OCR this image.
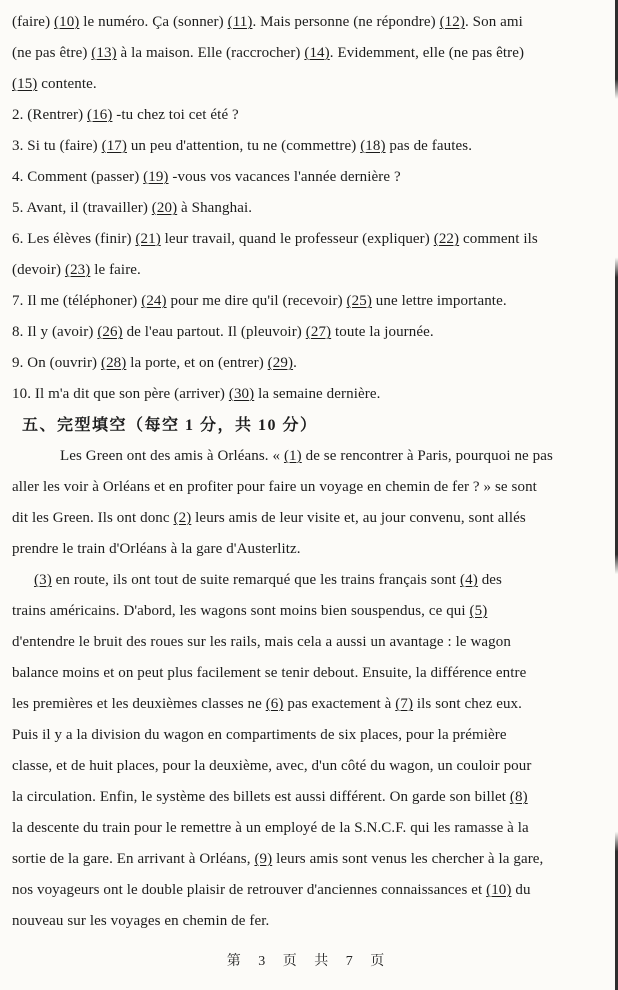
(faire) (10) le numéro. Ça (sonner) (11). Mais personne (ne répondre) (12). Son ami
(ne pas être) (13) à la maison. Elle (raccrocher) (14). Evidemment, elle (ne pas être)
(15) contente.
2. (Rentrer) (16) -tu chez toi cet été ?
3. Si tu (faire) (17) un peu d'attention, tu ne (commettre) (18) pas de fautes.
4. Comment (passer) (19) -vous vos vacances l'année dernière ?
5. Avant, il (travailler) (20) à Shanghai.
6. Les élèves (finir) (21) leur travail, quand le professeur (expliquer) (22) comment ils
(devoir) (23) le faire.
7. Il me (téléphoner) (24) pour me dire qu'il (recevoir) (25) une lettre importante.
8. Il y (avoir) (26) de l'eau partout. Il (pleuvoir) (27) toute la journée.
9. On (ouvrir) (28) la porte, et on (entrer) (29).
10. Il m'a dit que son père (arriver) (30) la semaine dernière.
五、完型填空（每空 1 分，共 10 分）
Les Green ont des amis à Orléans. « (1) de se rencontrer à Paris, pourquoi ne pas
aller les voir à Orléans et en profiter pour faire un voyage en chemin de fer ? » se sont
dit les Green. Ils ont donc (2) leurs amis de leur visite et, au jour convenu, sont allés
prendre le train d'Orléans à la gare d'Austerlitz.
(3) en route, ils ont tout de suite remarqué que les trains français sont (4) des
trains américains. D'abord, les wagons sont moins bien souspendus, ce qui (5)
d'entendre le bruit des roues sur les rails, mais cela a aussi un avantage : le wagon
balance moins et on peut plus facilement se tenir debout. Ensuite, la différence entre
les premières et les deuxièmes classes ne (6) pas exactement à (7) ils sont chez eux.
Puis il y a la division du wagon en compartiments de six places, pour la prémière
classe, et de huit places, pour la deuxième, avec, d'un côté du wagon, un couloir pour
la circulation. Enfin, le système des billets est aussi différent. On garde son billet (8)
la descente du train pour le remettre à un employé de la S.N.C.F. qui les ramasse à la
sortie de la gare. En arrivant à Orléans, (9) leurs amis sont venus les chercher à la gare,
nos voyageurs ont le double plaisir de retrouver d'anciennes connaissances et (10) du
nouveau sur les voyages en chemin de fer.
第 3 页 共 7 页
